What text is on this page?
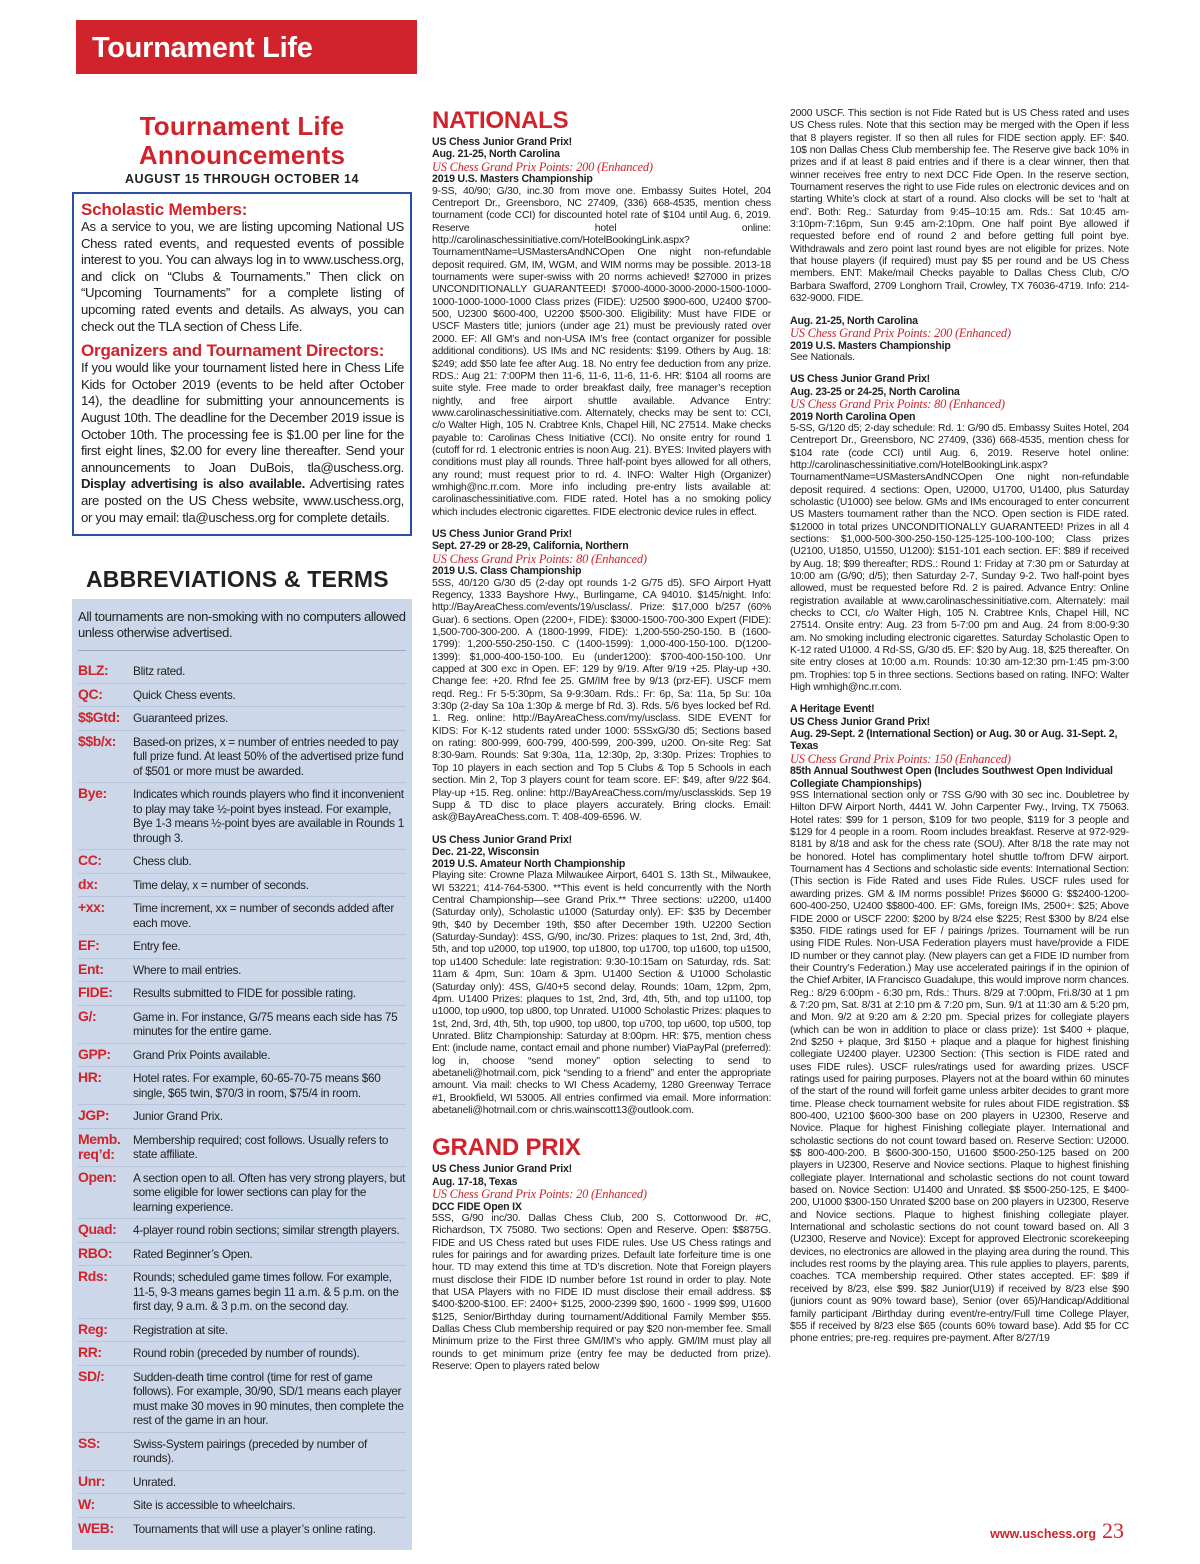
Tournament Life
Tournament Life
Announcements
AUGUST 15 THROUGH OCTOBER 14
Scholastic Members:
As a service to you, we are listing upcoming National US Chess rated events, and requested events of possible interest to you. You can always log in to www.uschess.org, and click on “Clubs & Tournaments.” Then click on “Upcoming Tournaments” for a complete listing of upcoming rated events and details. As always, you can check out the TLA section of Chess Life.
Organizers and Tournament Directors:
If you would like your tournament listed here in Chess Life Kids for October 2019 (events to be held after October 14), the deadline for submitting your announcements is August 10th. The deadline for the December 2019 issue is October 10th. The processing fee is $1.00 per line for the first eight lines, $2.00 for every line thereafter. Send your announcements to Joan DuBois, tla@uschess.org. Display advertising is also available. Advertising rates are posted on the US Chess website, www.uschess.org, or you may email: tla@uschess.org for complete details.
ABBREVIATIONS & TERMS
All tournaments are non-smoking with no computers allowed unless otherwise advertised.
BLZ:	Blitz rated.
QC:	Quick Chess events.
$$Gtd:	Guaranteed prizes.
$$b/x:	Based-on prizes, x = number of entries needed to pay full prize fund. At least 50% of the advertised prize fund of $501 or more must be awarded.
Bye:	Indicates which rounds players who find it inconvenient to play may take ½-point byes instead. For example, Bye 1-3 means ½-point byes are available in Rounds 1 through 3.
CC:	Chess club.
dx:	Time delay, x = number of seconds.
+xx:	Time increment, xx = number of seconds added after each move.
EF:	Entry fee.
Ent:	Where to mail entries.
FIDE:	Results submitted to FIDE for possible rating.
G/:	Game in. For instance, G/75 means each side has 75 minutes for the entire game.
GPP:	Grand Prix Points available.
HR:	Hotel rates. For example, 60-65-70-75 means $60 single, $65 twin, $70/3 in room, $75/4 in room.
JGP:	Junior Grand Prix.
Memb. req’d:
Membership required; cost follows. Usually refers to state affiliate.
Open:	A section open to all. Often has very strong players, but some eligible for lower sections can play for the learning experience.
Quad:	4-player round robin sections; similar strength players.
RBO:	Rated Beginner’s Open.
Rds:	Rounds; scheduled game times follow. For example, 11-5, 9-3 means games begin 11 a.m. & 5 p.m. on the first day, 9 a.m. & 3 p.m. on the second day.
Reg:	Registration at site.
RR:	Round robin (preceded by number of rounds).
SD/:	Sudden-death time control (time for rest of game follows). For example, 30/90, SD/1 means each player must make 30 moves in 90 minutes, then complete the rest of the game in an hour.
SS:	Swiss-System pairings (preceded by number of rounds).
Unr:	Unrated.
W:	Site is accessible to wheelchairs.
WEB:	Tournaments that will use a player’s online rating.
NATIONALS
US Chess Junior Grand Prix!
Aug. 21-25, North Carolina
US Chess Grand Prix Points: 200 (Enhanced)
2019 U.S. Masters Championship
9-SS, 40/90; G/30, inc.30 from move one. Embassy Suites Hotel, 204 Centreport Dr., Greensboro, NC 27409, (336) 668-4535, mention chess tournament (code CCI) for discounted hotel rate of $104 until Aug. 6, 2019. Reserve hotel online: http://carolinaschessinitiative.com/HotelBookingLink.aspx?TournamentName=USMastersAndNCOpen One night non-refundable deposit required. GM, IM, WGM, and WIM norms may be possible. 2013-18 tournaments were super-swiss with 20 norms achieved! $27000 in prizes UNCONDITIONALLY GUARANTEED! $7000-4000-3000-2000-1500-1000-1000-1000-1000-1000 Class prizes (FIDE): U2500 $900-600, U2400 $700-500, U2300 $600-400, U2200 $500-300. Eligibility: Must have FIDE or USCF Masters title; juniors (under age 21) must be previously rated over 2000. EF: All GM’s and non-USA IM’s free (contact organizer for possible additional conditions). US IMs and NC residents: $199. Others by Aug. 18: $249; add $50 late fee after Aug. 18. No entry fee deduction from any prize. RDS.: Aug 21: 7:00PM then 11-6, 11-6, 11-6, 11-6. HR: $104 all rooms are suite style. Free made to order breakfast daily, free manager’s reception nightly, and free airport shuttle available. Advance Entry: www.carolinaschessinitiative.com. Alternately, checks may be sent to: CCI, c/o Walter High, 105 N. Crabtree Knls, Chapel Hill, NC 27514. Make checks payable to: Carolinas Chess Initiative (CCI). No onsite entry for round 1 (cutoff for rd. 1 electronic entries is noon Aug. 21). BYES: Invited players with conditions must play all rounds. Three half-point byes allowed for all others, any round; must request prior to rd. 4. INFO: Walter High (Organizer) wmhigh@nc.rr.com. More info including pre-entry lists available at: carolinaschessinitiative.com. FIDE rated. Hotel has a no smoking policy which includes electronic cigarettes. FIDE electronic device rules in effect.
US Chess Junior Grand Prix!
Sept. 27-29 or 28-29, California, Northern
US Chess Grand Prix Points: 80 (Enhanced)
2019 U.S. Class Championship
5SS, 40/120 G/30 d5 (2-day opt rounds 1-2 G/75 d5). SFO Airport Hyatt Regency, 1333 Bayshore Hwy., Burlingame, CA 94010. $145/night. Info: http://BayAreaChess.com/events/19/usclass/. Prize: $17,000 b/257 (60% Guar). 6 sections. Open (2200+, FIDE): $3000-1500-700-300 Expert (FIDE): 1,500-700-300-200. A (1800-1999, FIDE): 1,200-550-250-150. B (1600-1799): 1,200-550-250-150. C (1400-1599): 1,000-400-150-100. D(1200-1399): $1,000-400-150-100. Eu (under1200): $700-400-150-100. Unr capped at 300 exc in Open. EF: 129 by 9/19. After 9/19 +25. Play-up +30. Change fee: +20. Rfnd fee 25. GM/IM free by 9/13 (prz-EF). USCF mem reqd. Reg.: Fr 5-5:30pm, Sa 9-9:30am. Rds.: Fr: 6p, Sa: 11a, 5p Su: 10a 3:30p (2-day Sa 10a 1:30p & merge bf Rd. 3). Rds. 5/6 byes locked bef Rd. 1. Reg. online: http://BayAreaChess.com/my/usclass. SIDE EVENT for KIDS: For K-12 students rated under 1000: 5SSxG/30 d5; Sections based on rating: 800-999, 600-799, 400-599, 200-399, u200. On-site Reg: Sat 8:30-9am. Rounds: Sat 9:30a, 11a, 12:30p, 2p, 3:30p. Prizes: Trophies to Top 10 players in each section and Top 5 Clubs & Top 5 Schools in each section. Min 2, Top 3 players count for team score. EF: $49, after 9/22 $64. Play-up +15. Reg. online: http://BayAreaChess.com/my/usclasskids. Sep 19 Supp & TD disc to place players accurately. Bring clocks. Email: ask@BayAreaChess.com. T: 408-409-6596. W.
US Chess Junior Grand Prix!
Dec. 21-22, Wisconsin
2019 U.S. Amateur North Championship
Playing site: Crowne Plaza Milwaukee Airport, 6401 S. 13th St., Milwaukee, WI 53221; 414-764-5300. **This event is held concurrently with the North Central Championship—see Grand Prix.** Three sections: u2200, u1400 (Saturday only), Scholastic u1000 (Saturday only). EF: $35 by December 9th, $40 by December 19th, $50 after December 19th. U2200 Section (Saturday-Sunday): 4SS, G/90, inc/30. Prizes: plaques to 1st, 2nd, 3rd, 4th, 5th, and top u2000, top u1900, top u1800, top u1700, top u1600, top u1500, top u1400 Schedule: late registration: 9:30-10:15am on Saturday, rds. Sat: 11am & 4pm, Sun: 10am & 3pm. U1400 Section & U1000 Scholastic (Saturday only): 4SS, G/40+5 second delay. Rounds: 10am, 12pm, 2pm, 4pm. U1400 Prizes: plaques to 1st, 2nd, 3rd, 4th, 5th, and top u1100, top u1000, top u900, top u800, top Unrated. U1000 Scholastic Prizes: plaques to 1st, 2nd, 3rd, 4th, 5th, top u900, top u800, top u700, top u600, top u500, top Unrated. Blitz Championship: Saturday at 8:00pm. HR: $75, mention chess Ent: (include name, contact email and phone number) ViaPayPal (preferred): log in, choose “send money” option selecting to send to abetaneli@hotmail.com, pick “sending to a friend” and enter the appropriate amount. Via mail: checks to WI Chess Academy, 1280 Greenway Terrace #1, Brookfield, WI 53005. All entries confirmed via email. More information: abetaneli@hotmail.com or chris.wainscott13@outlook.com.
GRAND PRIX
US Chess Junior Grand Prix!
Aug. 17-18, Texas
US Chess Grand Prix Points: 20 (Enhanced)
DCC FIDE Open IX
5SS, G/90 inc/30. Dallas Chess Club, 200 S. Cottonwood Dr. #C, Richardson, TX 75080. Two sections: Open and Reserve. Open: $$875G. FIDE and US Chess rated but uses FIDE rules. Use US Chess ratings and rules for pairings and for awarding prizes. Default late forfeiture time is one hour. TD may extend this time at TD’s discretion. Note that Foreign players must disclose their FIDE ID number before 1st round in order to play. Note that USA Players with no FIDE ID must disclose their email address. $$ $400-$200-$100. EF: 2400+ $125, 2000-2399 $90, 1600 - 1999 $99, U1600 $125, Senior/Birthday during tournament/Additional Family Member $55. Dallas Chess Club membership required or pay $20 non-member fee. Small Minimum prize to the First three GM/IM’s who apply. GM/IM must play all rounds to get minimum prize (entry fee may be deducted from prize). Reserve: Open to players rated below
2000 USCF. This section is not Fide Rated but is US Chess rated and uses US Chess rules. Note that this section may be merged with the Open if less that 8 players register. If so then all rules for FIDE section apply. EF: $40. 10$ non Dallas Chess Club membership fee. The Reserve give back 10% in prizes and if at least 8 paid entries and if there is a clear winner, then that winner receives free entry to next DCC Fide Open. In the reserve section, Tournament reserves the right to use Fide rules on electronic devices and on starting White’s clock at start of a round. Also clocks will be set to ‘halt at end’. Both: Reg.: Saturday from 9:45–10:15 am. Rds.: Sat 10:45 am-3:10pm-7:16pm, Sun 9:45 am-2:10pm. One half point Bye allowed if requested before end of round 2 and before getting full point bye. Withdrawals and zero point last round byes are not eligible for prizes. Note that house players (if required) must pay $5 per round and be US Chess members. ENT: Make/mail Checks payable to Dallas Chess Club, C/O Barbara Swafford, 2709 Longhorn Trail, Crowley, TX 76036-4719. Info: 214-632-9000. FIDE.
Aug. 21-25, North Carolina
US Chess Grand Prix Points: 200 (Enhanced)
2019 U.S. Masters Championship
See Nationals.
US Chess Junior Grand Prix!
Aug. 23-25 or 24-25, North Carolina
US Chess Grand Prix Points: 80 (Enhanced)
2019 North Carolina Open
5-SS, G/120 d5; 2-day schedule: Rd. 1: G/90 d5. Embassy Suites Hotel, 204 Centreport Dr., Greensboro, NC 27409, (336) 668-4535, mention chess for $104 rate (code CCI) until Aug. 6, 2019. Reserve hotel online: http://carolinaschessinitiative.com/HotelBookingLink.aspx?TournamentName=USMastersAndNCOpen One night non-refundable deposit required. 4 sections: Open, U2000, U1700, U1400, plus Saturday scholastic (U1000) see below. GMs and IMs encouraged to enter concurrent US Masters tournament rather than the NCO. Open section is FIDE rated. $12000 in total prizes UNCONDITIONALLY GUARANTEED! Prizes in all 4 sections: $1,000-500-300-250-150-125-125-100-100-100; Class prizes (U2100, U1850, U1550, U1200): $151-101 each section. EF: $89 if received by Aug. 18; $99 thereafter; RDS.: Round 1: Friday at 7:30 pm or Saturday at 10:00 am (G/90; d/5); then Saturday 2-7, Sunday 9-2. Two half-point byes allowed, must be requested before Rd. 2 is paired. Advance Entry: Online registration available at www.carolinaschessinitiative.com. Alternately: mail checks to CCI, c/o Walter High, 105 N. Crabtree Knls, Chapel Hill, NC 27514. Onsite entry: Aug. 23 from 5-7:00 pm and Aug. 24 from 8:00-9:30 am. No smoking including electronic cigarettes. Saturday Scholastic Open to K-12 rated U1000. 4 Rd-SS, G/30 d5. EF: $20 by Aug. 18, $25 thereafter. On site entry closes at 10:00 a.m. Rounds: 10:30 am-12:30 pm-1:45 pm-3:00 pm. Trophies: top 5 in three sections. Sections based on rating. INFO: Walter High wmhigh@nc.rr.com.
A Heritage Event!
US Chess Junior Grand Prix!
Aug. 29-Sept. 2 (International Section) or Aug. 30 or Aug. 31-Sept. 2, Texas
US Chess Grand Prix Points: 150 (Enhanced)
85th Annual Southwest Open (Includes Southwest Open Individual Collegiate Championships)
9SS International section only or 7SS G/90 with 30 sec inc. Doubletree by Hilton DFW Airport North, 4441 W. John Carpenter Fwy., Irving, TX 75063. Hotel rates: $99 for 1 person, $109 for two people, $119 for 3 people and $129 for 4 people in a room. Room includes breakfast. Reserve at 972-929-8181 by 8/18 and ask for the chess rate (SOU). After 8/18 the rate may not be honored. Hotel has complimentary hotel shuttle to/from DFW airport. Tournament has 4 Sections and scholastic side events: International Section: (This section is Fide Rated and uses Fide Rules. USCF rules used for awarding prizes. GM & IM norms possible! Prizes $6000 G: $$2400-1200-600-400-250, U2400 $$800-400. EF: GMs, foreign IMs, 2500+: $25; Above FIDE 2000 or USCF 2200: $200 by 8/24 else $225; Rest $300 by 8/24 else $350. FIDE ratings used for EF / pairings /prizes. Tournament will be run using FIDE Rules. Non-USA Federation players must have/provide a FIDE ID number or they cannot play. (New players can get a FIDE ID number from their Country’s Federation.) May use accelerated pairings if in the opinion of the Chief Arbiter, IA Francisco Guadalupe, this would improve norm chances. Reg.: 8/29 6:00pm - 6:30 pm, Rds.: Thurs. 8/29 at 7:00pm, Fri.8/30 at 1 pm & 7:20 pm, Sat. 8/31 at 2:10 pm & 7:20 pm, Sun. 9/1 at 11:30 am & 5:20 pm, and Mon. 9/2 at 9:20 am & 2:20 pm. Special prizes for collegiate players (which can be won in addition to place or class prize): 1st $400 + plaque, 2nd $250 + plaque, 3rd $150 + plaque and a plaque for highest finishing collegiate U2400 player. U2300 Section: (This section is FIDE rated and uses FIDE rules). USCF rules/ratings used for awarding prizes. USCF ratings used for pairing purposes. Players not at the board within 60 minutes of the start of the round will forfeit game unless arbiter decides to grant more time. Please check tournament website for rules about FIDE registration. $$ 800-400, U2100 $600-300 base on 200 players in U2300, Reserve and Novice. Plaque for highest Finishing collegiate player. International and scholastic sections do not count toward based on. Reserve Section: U2000. $$ 800-400-200. B $600-300-150, U1600 $500-250-125 based on 200 players in U2300, Reserve and Novice sections. Plaque to highest finishing collegiate player. International and scholastic sections do not count toward based on. Novice Section: U1400 and Unrated. $$ $500-250-125, E $400-200, U1000 $300-150 Unrated $200 base on 200 players in U2300, Reserve and Novice sections. Plaque to highest finishing collegiate player. International and scholastic sections do not count toward based on. All 3 (U2300, Reserve and Novice): Except for approved Electronic scorekeeping devices, no electronics are allowed in the playing area during the round. This includes rest rooms by the playing area. This rule applies to players, parents, coaches. TCA membership required. Other states accepted. EF: $89 if received by 8/23, else $99. $82 Junior(U19) if received by 8/23 else $90 (juniors count as 90% toward base), Senior (over 65)/Handicap/Additional family participant /Birthday during event/re-entry/Full time College Player, $55 if received by 8/23 else $65 (counts 60% toward base). Add $5 for CC phone entries; pre-reg. requires pre-payment. After 8/27/19
www.uschess.org 23
